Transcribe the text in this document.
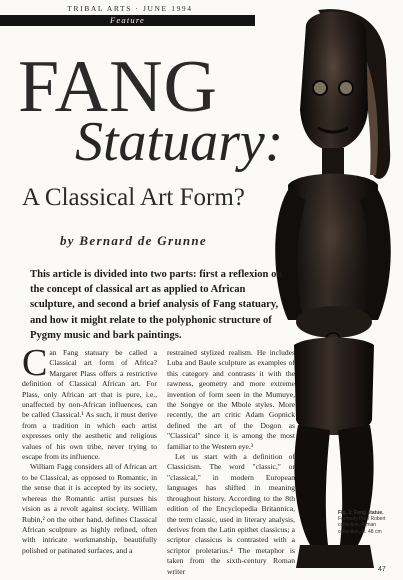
TRIBAL ARTS · JUNE 1994
Feature
FANG
Statuary:
A Classical Art Form?
by Bernard de Grunne
This article is divided into two parts: first a reflexion on the concept of classical art as applied to African sculpture, and second a brief analysis of Fang statuary, and how it might relate to the polyphonic structure of Pygmy music and bark paintings.

Can Fang statuary be called a Classical art form of Africa? Margaret Plass offers a restrictive definition of Classical African art. For Plass, only African art that is pure, i.e., unaffected by non-African influences, can be called Classical.¹ As such, it must derive from a tradition in which each artist expresses only the aesthetic and religious values of his own tribe, never trying to escape from its influence.

William Fagg considers all of African art to be Classical, as opposed to Romantic, in the sense that it is accepted by its society, whereas the Romantic artist pursues his vision as a revolt against society. William Rubin,² on the other hand, defines Classical African sculpture as highly refined, often with intricate workmanship, beautifully polished or patinated surfaces, and a

restrained stylized realism. He includes Luba and Baule sculpture as examples of this category and contrasts it with the rawness, geometry and more extreme invention of form seen in the Mumuye, the Songye or the Mbole styles. More recently, the art critic Adam Gopnick defined the art of the Dogon as "Classical" since it is among the most familiar to the Western eye.³

Let us start with a definition of Classicism. The word "classic," or "classical," in modern European languages has shifted in meaning throughout history. According to the 8th edition of the Encyclopedia Britannica, the term classic, used in literary analysis, derives from the Latin epithet classicus; a scriptor classicus is contrasted with a scriptor proletarius.⁴ The metaphor is taken from the sixth-century Roman writer

Fig. 1: Fang statue. Formerly Paul Robert collection, Arman collection, H. 48 cm
47
